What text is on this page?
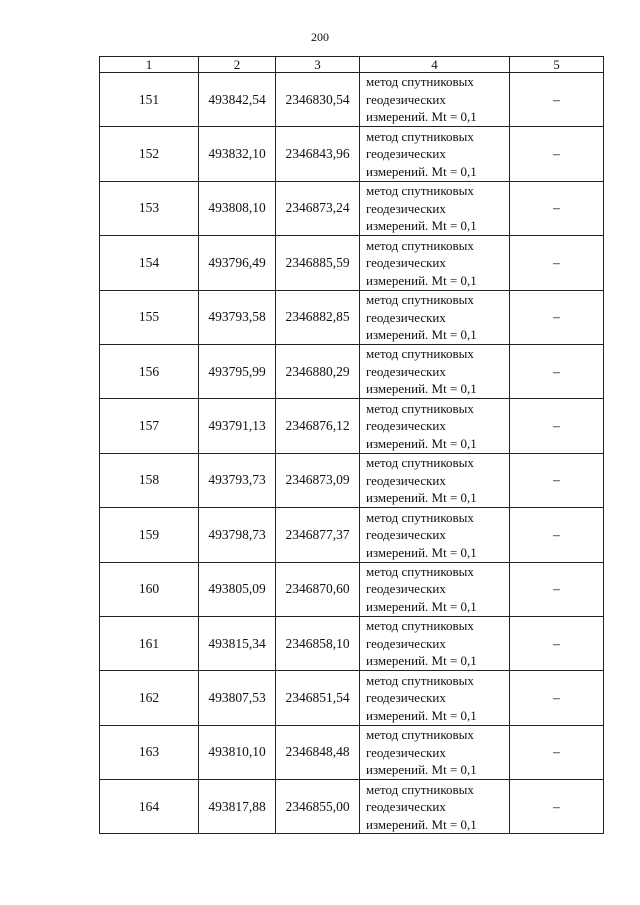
200
1	2	3	4	5
151	493842,54	2346830,54	метод спутниковых
геодезических
измерений. Mt = 0,1	–
152	493832,10	2346843,96	метод спутниковых
геодезических
измерений. Mt = 0,1	–
153	493808,10	2346873,24	метод спутниковых
геодезических
измерений. Mt = 0,1	–
154	493796,49	2346885,59	метод спутниковых
геодезических
измерений. Mt = 0,1	–
155	493793,58	2346882,85	метод спутниковых
геодезических
измерений. Mt = 0,1	–
156	493795,99	2346880,29	метод спутниковых
геодезических
измерений. Mt = 0,1	–
157	493791,13	2346876,12	метод спутниковых
геодезических
измерений. Mt = 0,1	–
158	493793,73	2346873,09	метод спутниковых
геодезических
измерений. Mt = 0,1	–
159	493798,73	2346877,37	метод спутниковых
геодезических
измерений. Mt = 0,1	–
160	493805,09	2346870,60	метод спутниковых
геодезических
измерений. Mt = 0,1	–
161	493815,34	2346858,10	метод спутниковых
геодезических
измерений. Mt = 0,1	–
162	493807,53	2346851,54	метод спутниковых
геодезических
измерений. Mt = 0,1	–
163	493810,10	2346848,48	метод спутниковых
геодезических
измерений. Mt = 0,1	–
164	493817,88	2346855,00	метод спутниковых
геодезических
измерений. Mt = 0,1	–
